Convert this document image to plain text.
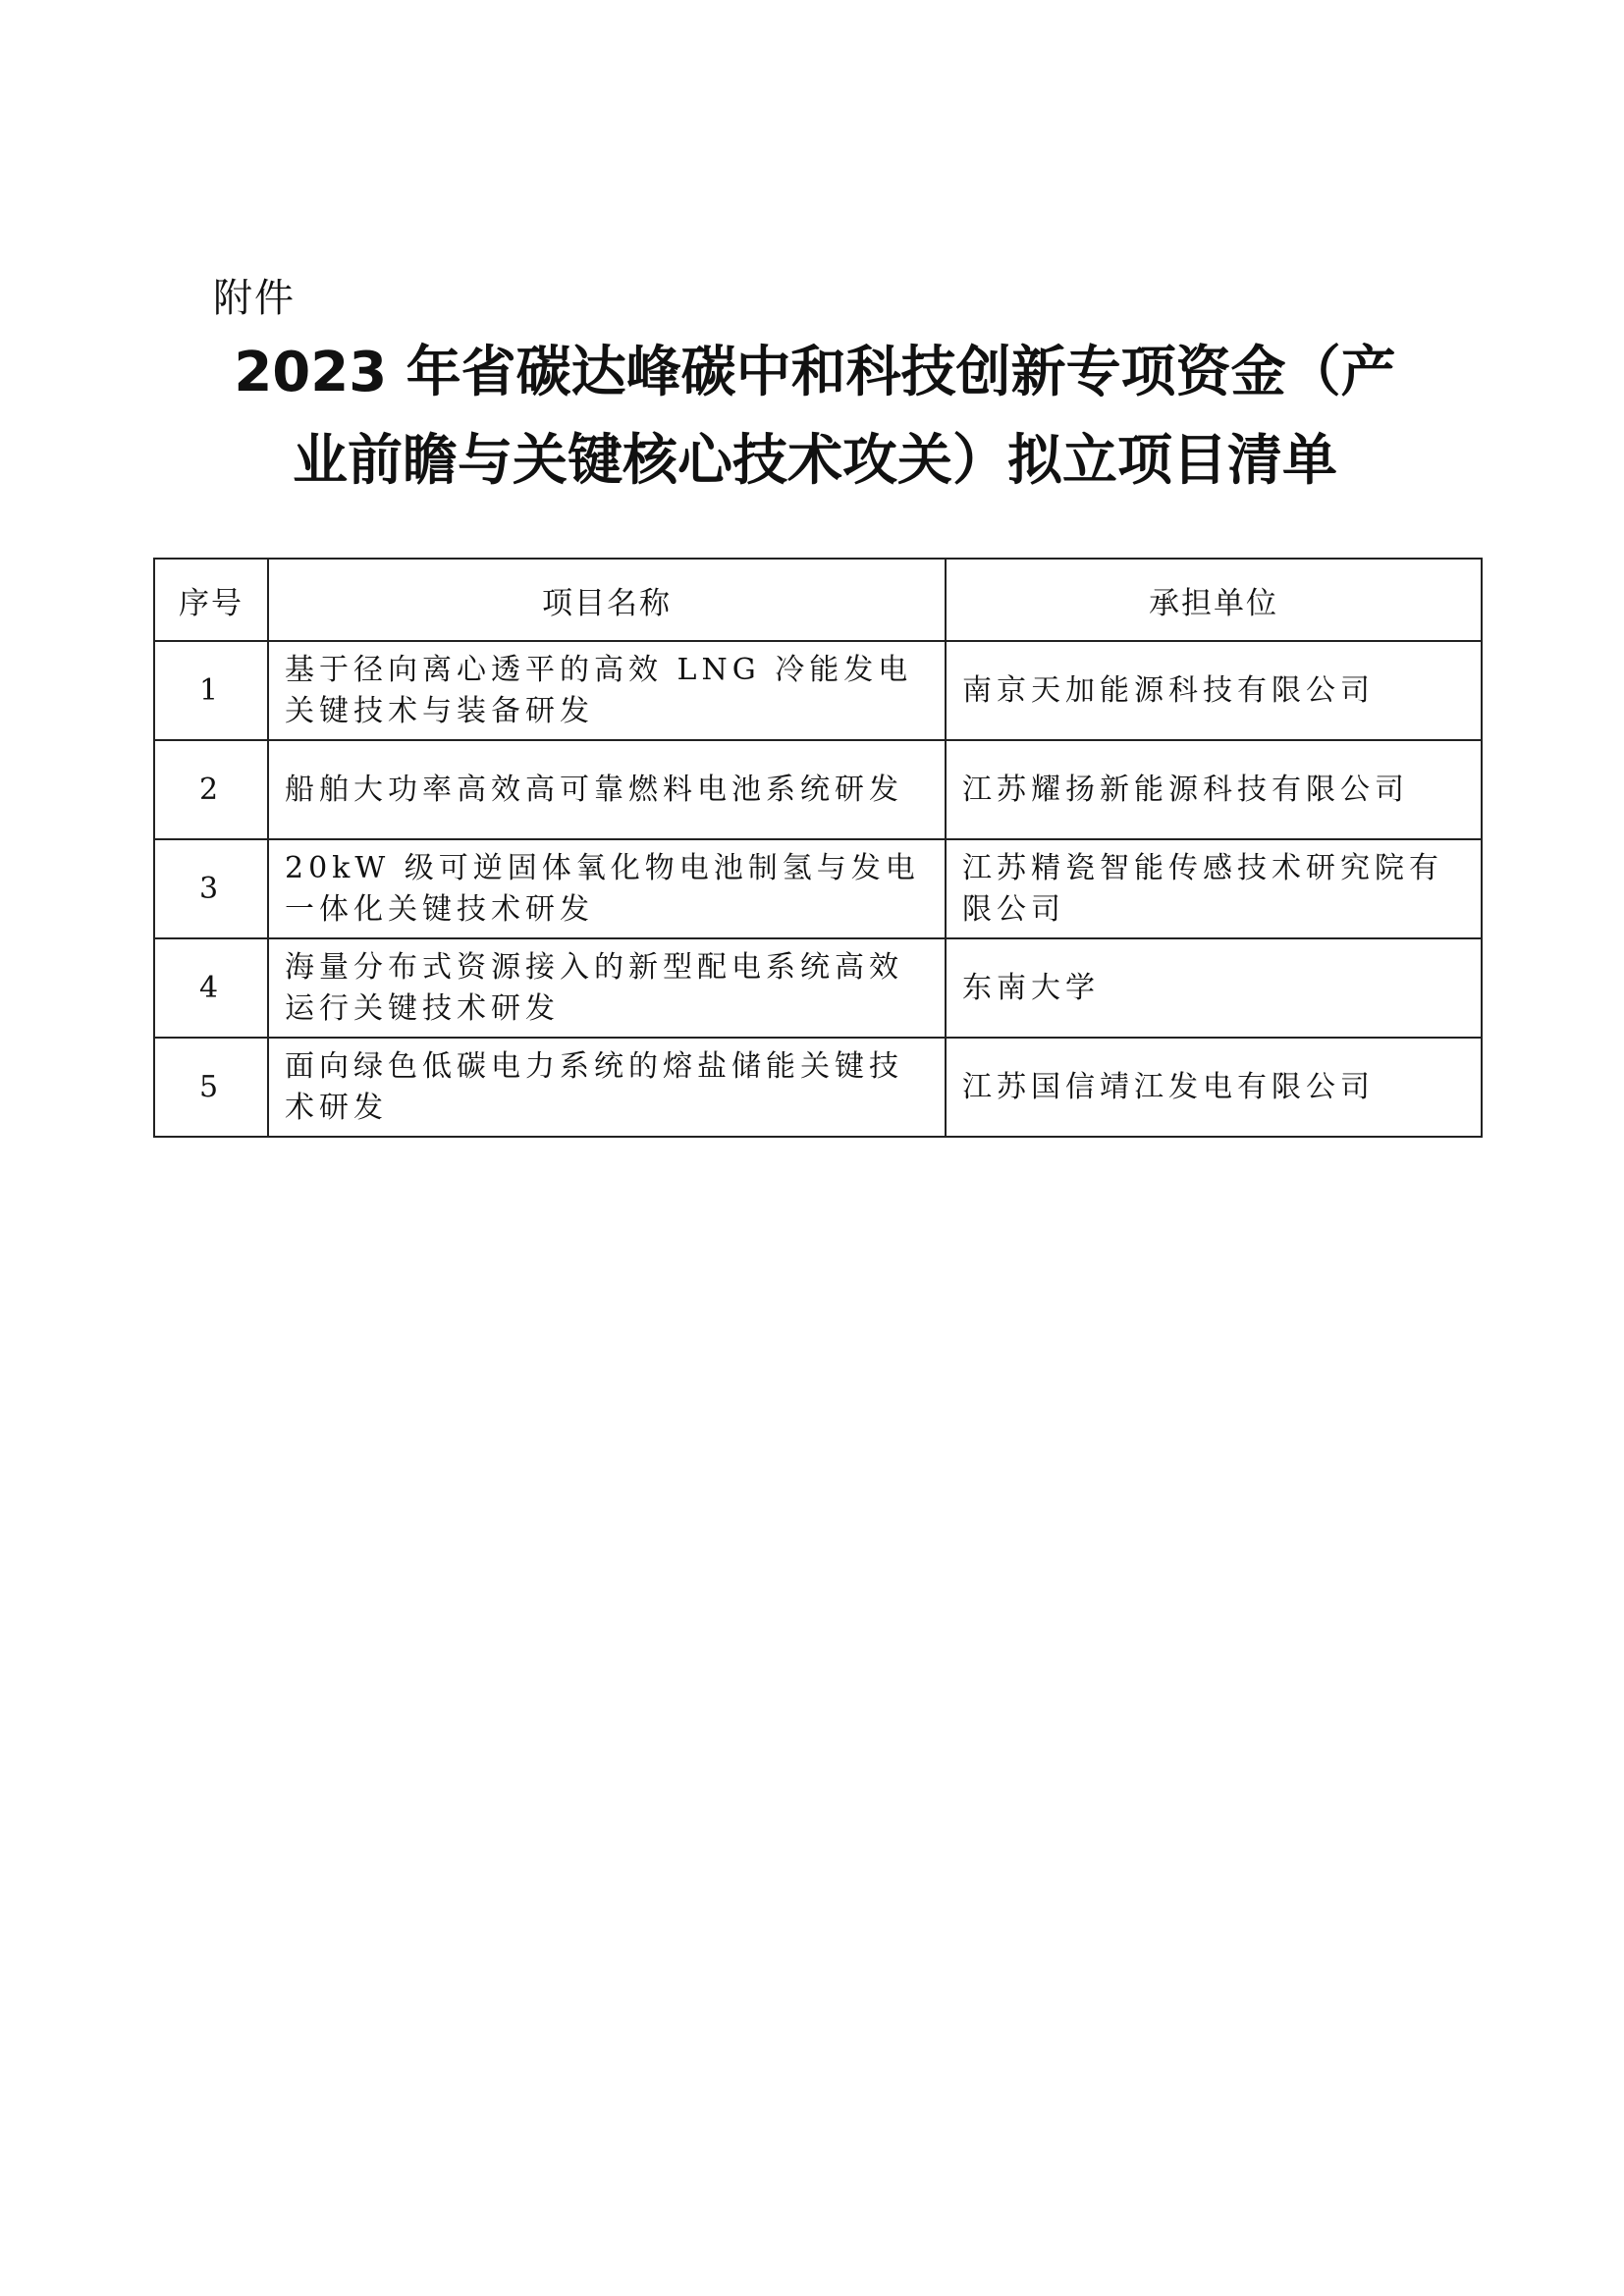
附件
2023 年省碳达峰碳中和科技创新专项资金（产
业前瞻与关键核心技术攻关）拟立项目清单
序号	项目名称	承担单位
1	基于径向离心透平的高效 LNG 冷能发电关键技术与装备研发	南京天加能源科技有限公司
2	船舶大功率高效高可靠燃料电池系统研发	江苏耀扬新能源科技有限公司
3	20kW 级可逆固体氧化物电池制氢与发电一体化关键技术研发	江苏精瓷智能传感技术研究院有限公司
4	海量分布式资源接入的新型配电系统高效运行关键技术研发	东南大学
5	面向绿色低碳电力系统的熔盐储能关键技术研发	江苏国信靖江发电有限公司
